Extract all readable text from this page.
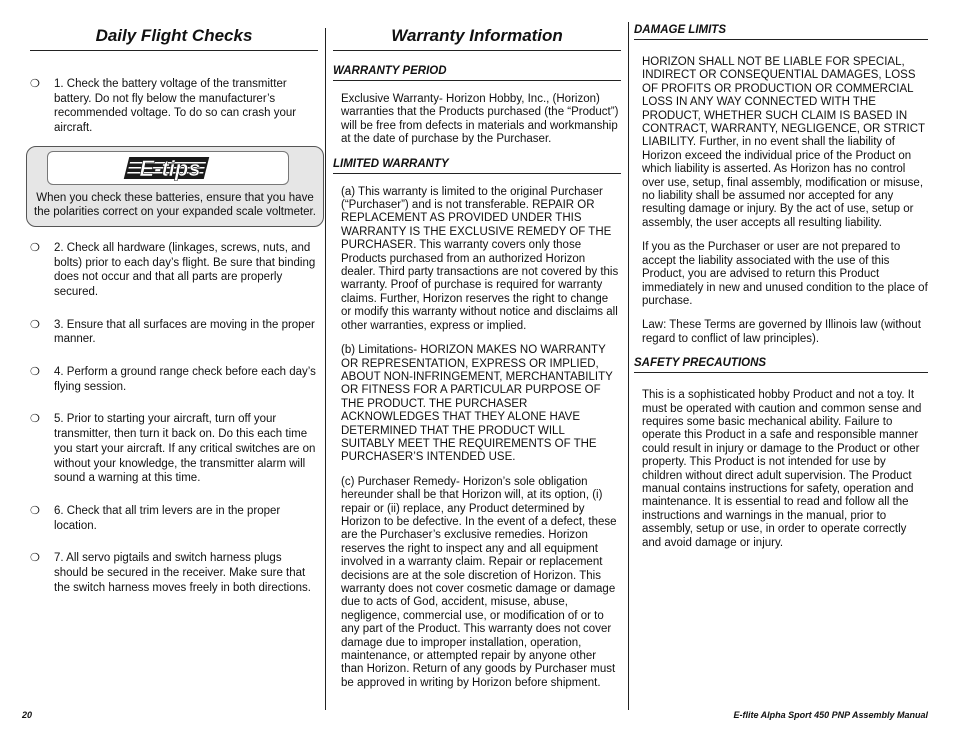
Daily Flight Checks
❍	1. Check the battery voltage of the transmitter battery. Do not fly below the manufacturer’s recommended voltage. To do so can crash your aircraft.
E-tips
When you check these batteries, ensure that you have the polarities correct on your expanded scale voltmeter.
❍	2. Check all hardware (linkages, screws, nuts, and bolts) prior to each day’s flight. Be sure that binding does not occur and that all parts are properly secured.
❍	3. Ensure that all surfaces are moving in the proper manner.
❍	4. Perform a ground range check before each day’s flying session.
❍	5. Prior to starting your aircraft, turn off your transmitter, then turn it back on. Do this each time you start your aircraft. If any critical switches are on without your knowledge, the transmitter alarm will sound a warning at this time.
❍	6. Check that all trim levers are in the proper location.
❍	7. All servo pigtails and switch harness plugs should be secured in the receiver. Make sure that the switch harness moves freely in both directions.
Warranty Information
WARRANTY PERIOD

Exclusive Warranty- Horizon Hobby, Inc., (Horizon) warranties that the Products purchased (the “Product”) will be free from defects in materials and workmanship at the date of purchase by the Purchaser.

LIMITED WARRANTY

(a) This warranty is limited to the original Purchaser (“Purchaser”) and is not transferable. REPAIR OR REPLACEMENT AS PROVIDED UNDER THIS WARRANTY IS THE EXCLUSIVE REMEDY OF THE PURCHASER. This warranty covers only those Products purchased from an authorized Horizon dealer. Third party transactions are not covered by this warranty. Proof of purchase is required for warranty claims. Further, Horizon reserves the right to change or modify this warranty without notice and disclaims all other warranties, express or implied.

(b) Limitations- HORIZON MAKES NO WARRANTY OR REPRESENTATION, EXPRESS OR IMPLIED, ABOUT NON-INFRINGEMENT, MERCHANTABILITY OR FITNESS FOR A PARTICULAR PURPOSE OF THE PRODUCT. THE PURCHASER ACKNOWLEDGES THAT THEY ALONE HAVE DETERMINED THAT THE PRODUCT WILL SUITABLY MEET THE REQUIREMENTS OF THE PURCHASER’S INTENDED USE.

(c) Purchaser Remedy- Horizon’s sole obligation hereunder shall be that Horizon will, at its option, (i) repair or (ii) replace, any Product determined by Horizon to be defective. In the event of a defect, these are the Purchaser’s exclusive remedies. Horizon reserves the right to inspect any and all equipment involved in a warranty claim. Repair or replacement decisions are at the sole discretion of Horizon. This warranty does not cover cosmetic damage or damage due to acts of God, accident, misuse, abuse, negligence, commercial use, or modification of or to any part of the Product. This warranty does not cover damage due to improper installation, operation, maintenance, or attempted repair by anyone other than Horizon. Return of any goods by Purchaser must be approved in writing by Horizon before shipment.

DAMAGE LIMITS

HORIZON SHALL NOT BE LIABLE FOR SPECIAL, INDIRECT OR CONSEQUENTIAL DAMAGES, LOSS OF PROFITS OR PRODUCTION OR COMMERCIAL LOSS IN ANY WAY CONNECTED WITH THE PRODUCT, WHETHER SUCH CLAIM IS BASED IN CONTRACT, WARRANTY, NEGLIGENCE, OR STRICT LIABILITY. Further, in no event shall the liability of Horizon exceed the individual price of the Product on which liability is asserted. As Horizon has no control over use, setup, final assembly, modification or misuse, no liability shall be assumed nor accepted for any resulting damage or injury. By the act of use, setup or assembly, the user accepts all resulting liability.

If you as the Purchaser or user are not prepared to accept the liability associated with the use of this Product, you are advised to return this Product immediately in new and unused condition to the place of purchase.

Law: These Terms are governed by Illinois law (without regard to conflict of law principles).

SAFETY PRECAUTIONS

This is a sophisticated hobby Product and not a toy. It must be operated with caution and common sense and requires some basic mechanical ability. Failure to operate this Product in a safe and responsible manner could result in injury or damage to the Product or other property. This Product is not intended for use by children without direct adult supervision. The Product manual contains instructions for safety, operation and maintenance. It is essential to read and follow all the instructions and warnings in the manual, prior to assembly, setup or use, in order to operate correctly and avoid damage or injury.

20	E-flite Alpha Sport 450 PNP Assembly Manual
